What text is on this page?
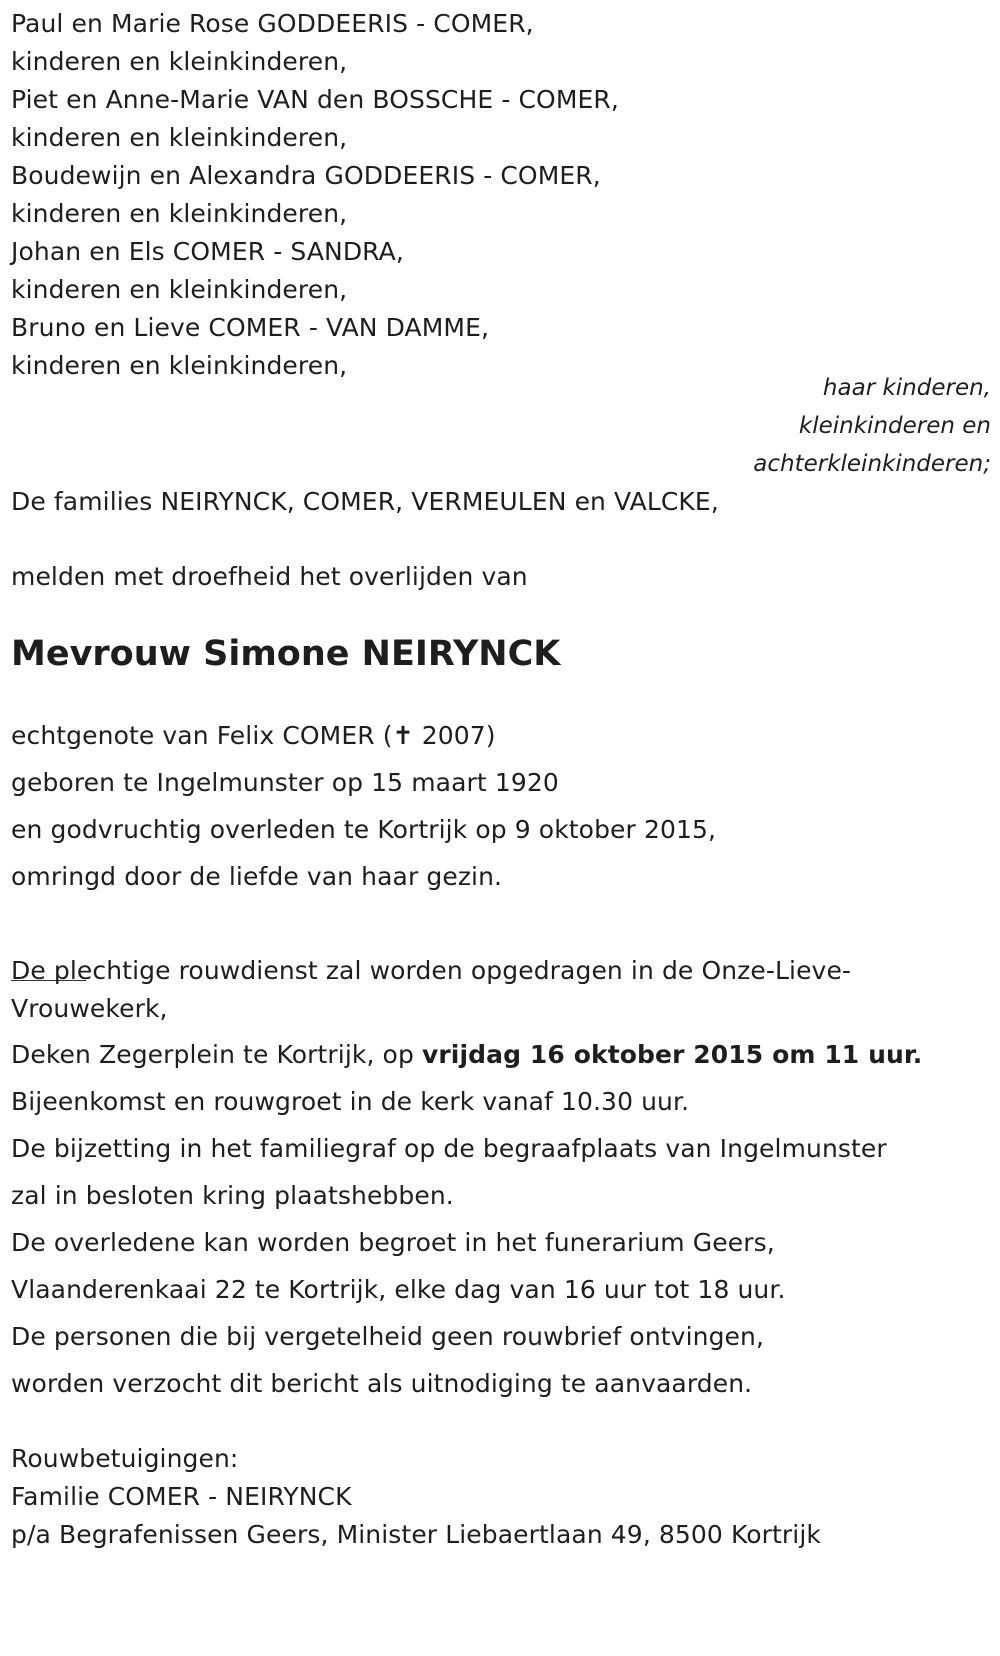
Paul en Marie Rose GODDEERIS - COMER,
kinderen en kleinkinderen,
Piet en Anne-Marie VAN den BOSSCHE - COMER,
kinderen en kleinkinderen,
Boudewijn en Alexandra GODDEERIS - COMER,
kinderen en kleinkinderen,
Johan en Els COMER - SANDRA,
kinderen en kleinkinderen,
Bruno en Lieve COMER - VAN DAMME,
kinderen en kleinkinderen,
haar kinderen,
kleinkinderen en
achterkleinkinderen;
De families NEIRYNCK, COMER, VERMEULEN en VALCKE,
melden met droefheid het overlijden van
Mevrouw Simone NEIRYNCK
echtgenote van Felix COMER (✝ 2007)
geboren te Ingelmunster op 15 maart 1920
en godvruchtig overleden te Kortrijk op 9 oktober 2015,
omringd door de liefde van haar gezin.
De plechtige rouwdienst zal worden opgedragen in de Onze-Lieve-
Vrouwekerk,
Deken Zegerplein te Kortrijk, op vrijdag 16 oktober 2015 om 11 uur.
Bijeenkomst en rouwgroet in de kerk vanaf 10.30 uur.
De bijzetting in het familiegraf op de begraafplaats van Ingelmunster
zal in besloten kring plaatshebben.
De overledene kan worden begroet in het funerarium Geers,
Vlaanderenkaai 22 te Kortrijk, elke dag van 16 uur tot 18 uur.
De personen die bij vergetelheid geen rouwbrief ontvingen,
worden verzocht dit bericht als uitnodiging te aanvaarden.
Rouwbetuigingen:
Familie COMER - NEIRYNCK
p/a Begrafenissen Geers, Minister Liebaertlaan 49, 8500 Kortrijk
